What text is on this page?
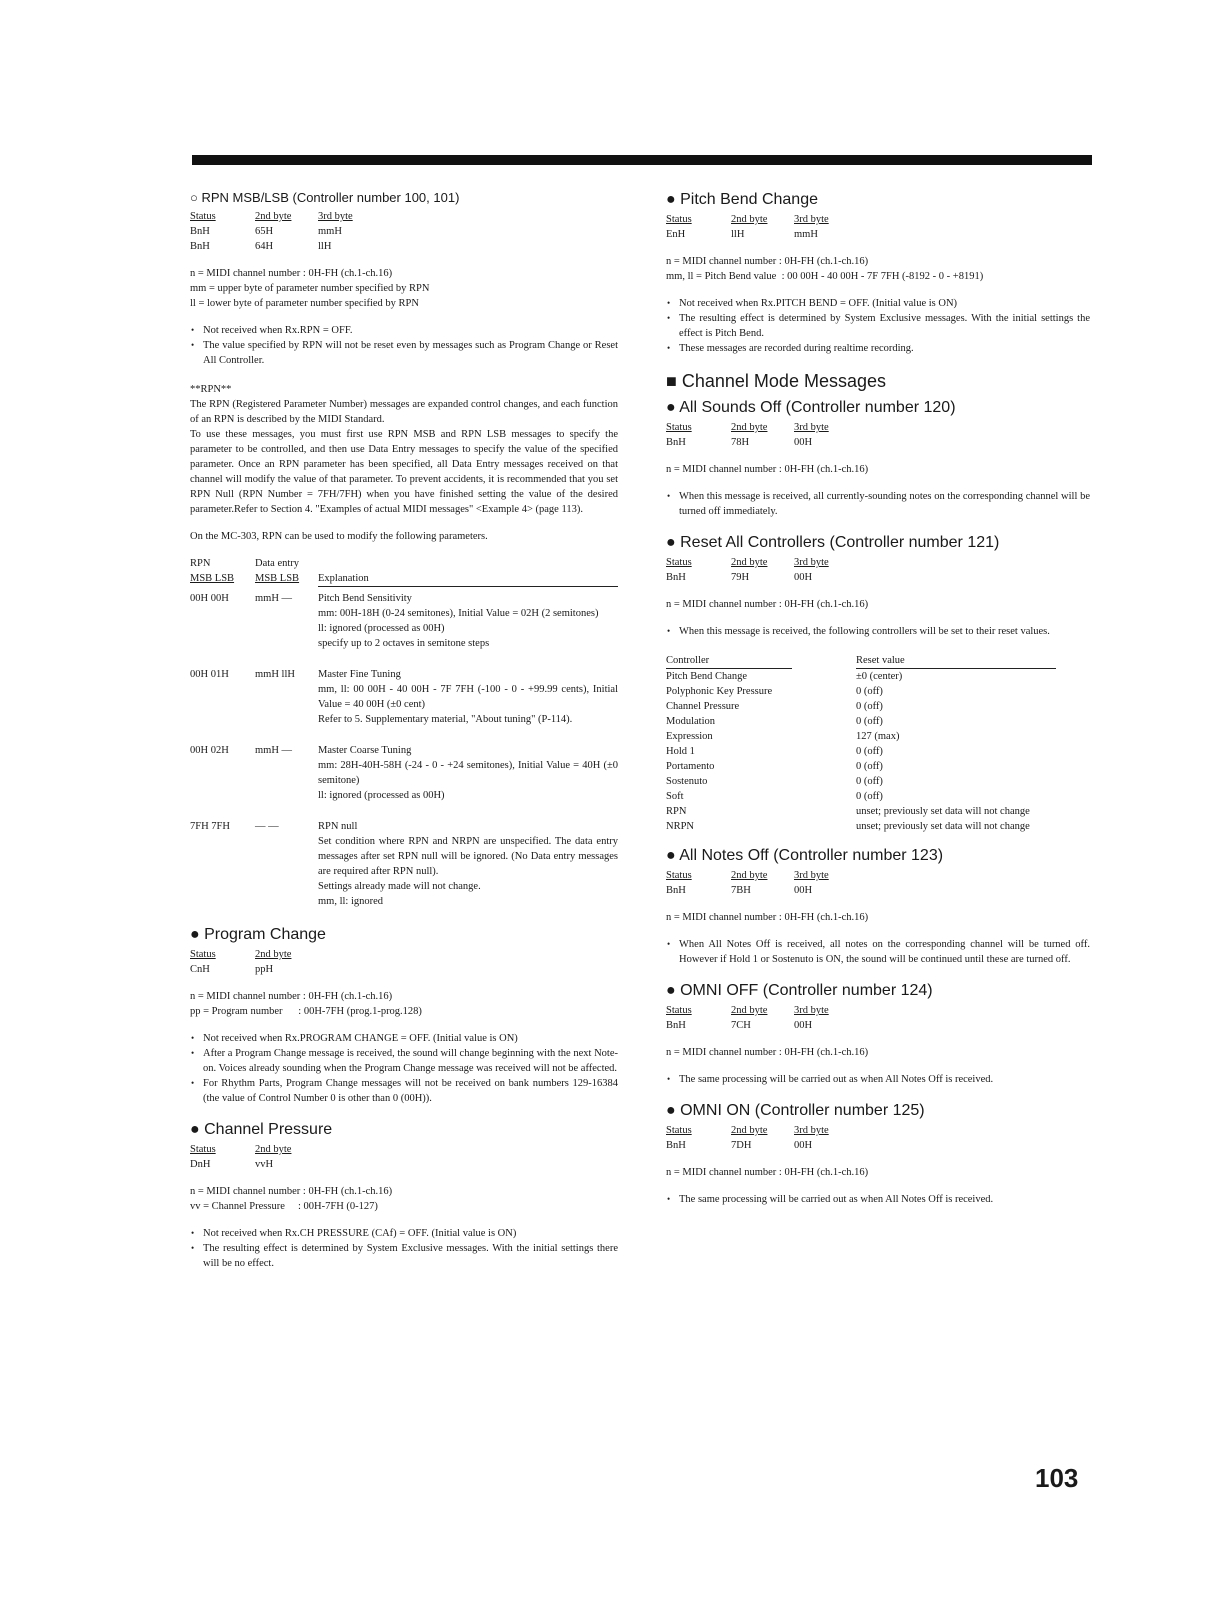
○ RPN MSB/LSB (Controller number 100, 101)
Status	2nd byte	3rd byte
BnH	65H	mmH
BnH	64H	llH
n = MIDI channel number : 0H-FH (ch.1-ch.16)
mm = upper byte of parameter number specified by RPN
ll = lower byte of parameter number specified by RPN
• Not received when Rx.RPN = OFF.
• The value specified by RPN will not be reset even by messages such as Program Change or Reset All Controller.
**RPN**
The RPN (Registered Parameter Number) messages are expanded control changes, and each function of an RPN is described by the MIDI Standard.
To use these messages, you must first use RPN MSB and RPN LSB messages to specify the parameter to be controlled, and then use Data Entry messages to specify the value of the specified parameter. Once an RPN parameter has been specified, all Data Entry messages received on that channel will modify the value of that parameter. To prevent accidents, it is recommended that you set RPN Null (RPN Number = 7FH/7FH) when you have finished setting the value of the desired parameter.Refer to Section 4. "Examples of actual MIDI messages" <Example 4> (page 113).
On the MC-303, RPN can be used to modify the following parameters.
RPN	Data entry
MSB LSB	MSB LSB	Explanation
00H 00H	mmH —	Pitch Bend Sensitivity
mm: 00H-18H (0-24 semitones), Initial Value = 02H (2 semitones)
ll: ignored (processed as 00H)
specify up to 2 octaves in semitone steps
00H 01H	mmH llH	Master Fine Tuning
mm, ll: 00 00H - 40 00H - 7F 7FH (-100 - 0 - +99.99 cents), Initial Value = 40 00H (±0 cent)
Refer to 5. Supplementary material, "About tuning" (P-114).
00H 02H	mmH —	Master Coarse Tuning
mm: 28H-40H-58H (-24 - 0 - +24 semitones), Initial Value = 40H (±0 semitone)
ll: ignored (processed as 00H)
7FH 7FH	— —	RPN null
Set condition where RPN and NRPN are unspecified. The data entry messages after set RPN null will be ignored. (No Data entry messages are required after RPN null).
Settings already made will not change.
mm, ll: ignored
● Program Change
Status	2nd byte
CnH	ppH
n = MIDI channel number : 0H-FH (ch.1-ch.16)
pp = Program number      : 00H-7FH (prog.1-prog.128)
• Not received when Rx.PROGRAM CHANGE = OFF. (Initial value is ON)
• After a Program Change message is received, the sound will change beginning with the next Note-on. Voices already sounding when the Program Change message was received will not be affected.
• For Rhythm Parts, Program Change messages will not be received on bank numbers 129-16384 (the value of Control Number 0 is other than 0 (00H)).
● Channel Pressure
Status	2nd byte
DnH	vvH
n = MIDI channel number : 0H-FH (ch.1-ch.16)
vv = Channel Pressure     : 00H-7FH (0-127)
• Not received when Rx.CH PRESSURE (CAf) = OFF. (Initial value is ON)
• The resulting effect is determined by System Exclusive messages. With the initial settings there will be no effect.
● Pitch Bend Change
Status	2nd byte	3rd byte
EnH	llH	mmH
n = MIDI channel number : 0H-FH (ch.1-ch.16)
mm, ll = Pitch Bend value  : 00 00H - 40 00H - 7F 7FH (-8192 - 0 - +8191)
• Not received when Rx.PITCH BEND = OFF. (Initial value is ON)
• The resulting effect is determined by System Exclusive messages. With the initial settings the effect is Pitch Bend.
• These messages are recorded during realtime recording.
■ Channel Mode Messages
● All Sounds Off (Controller number 120)
Status	2nd byte	3rd byte
BnH	78H	00H
n = MIDI channel number : 0H-FH (ch.1-ch.16)
• When this message is received, all currently-sounding notes on the corresponding channel will be turned off immediately.
● Reset All Controllers (Controller number 121)
Status	2nd byte	3rd byte
BnH	79H	00H
n = MIDI channel number : 0H-FH (ch.1-ch.16)
• When this message is received, the following controllers will be set to their reset values.
Controller	Reset value
Pitch Bend Change	±0 (center)
Polyphonic Key Pressure	0 (off)
Channel Pressure	0 (off)
Modulation	0 (off)
Expression	127 (max)
Hold 1	0 (off)
Portamento	0 (off)
Sostenuto	0 (off)
Soft	0 (off)
RPN	unset; previously set data will not change
NRPN	unset; previously set data will not change
● All Notes Off (Controller number 123)
Status	2nd byte	3rd byte
BnH	7BH	00H
n = MIDI channel number : 0H-FH (ch.1-ch.16)
• When All Notes Off is received, all notes on the corresponding channel will be turned off. However if Hold 1 or Sostenuto is ON, the sound will be continued until these are turned off.
● OMNI OFF (Controller number 124)
Status	2nd byte	3rd byte
BnH	7CH	00H
n = MIDI channel number : 0H-FH (ch.1-ch.16)
• The same processing will be carried out as when All Notes Off is received.
● OMNI ON (Controller number 125)
Status	2nd byte	3rd byte
BnH	7DH	00H
n = MIDI channel number : 0H-FH (ch.1-ch.16)
• The same processing will be carried out as when All Notes Off is received.
103
